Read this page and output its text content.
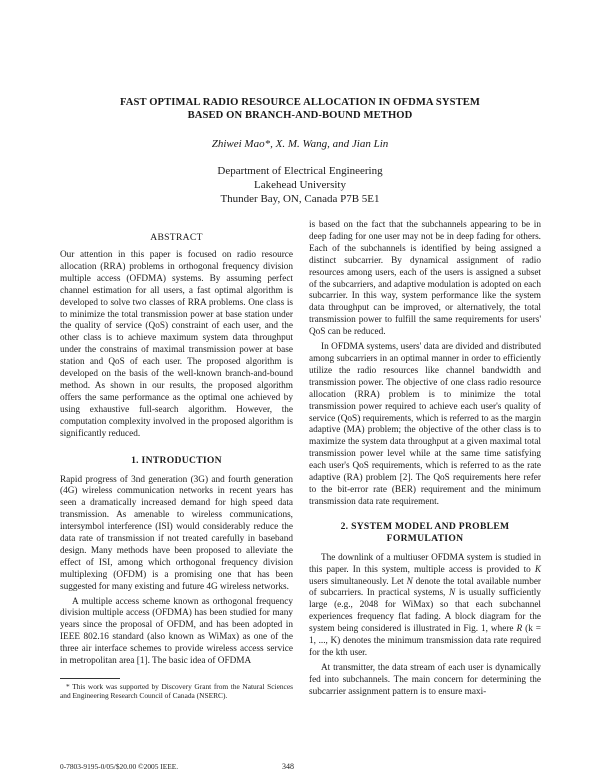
FAST OPTIMAL RADIO RESOURCE ALLOCATION IN OFDMA SYSTEM
BASED ON BRANCH-AND-BOUND METHOD
Zhiwei Mao*, X. M. Wang, and Jian Lin
Department of Electrical Engineering
Lakehead University
Thunder Bay, ON, Canada P7B 5E1
ABSTRACT

Our attention in this paper is focused on radio resource allocation (RRA) problems in orthogonal frequency division multiple access (OFDMA) systems. By assuming perfect channel estimation for all users, a fast optimal algorithm is developed to solve two classes of RRA problems. One class is to minimize the total transmission power at base station under the quality of service (QoS) constraint of each user, and the other class is to achieve maximum system data throughput under the constrains of maximal transmission power at base station and QoS of each user. The proposed algorithm is developed on the basis of the well-known branch-and-bound method. As shown in our results, the proposed algorithm offers the same performance as the optimal one achieved by using exhaustive full-search algorithm. However, the computation complexity involved in the proposed algorithm is significantly reduced.

1. INTRODUCTION

Rapid progress of 3nd generation (3G) and fourth generation (4G) wireless communication networks in recent years has seen a dramatically increased demand for high speed data transmission. As amenable to wireless communications, intersymbol interference (ISI) would considerably reduce the data rate of transmission if not treated carefully in baseband design. Many methods have been proposed to alleviate the effect of ISI, among which orthogonal frequency division multiplexing (OFDM) is a promising one that has been suggested for many existing and future 4G wireless networks.

A multiple access scheme known as orthogonal frequency division multiple access (OFDMA) has been studied for many years since the proposal of OFDM, and has been adopted in IEEE 802.16 standard (also known as WiMax) as one of the three air interface schemes to provide wireless access service in metropolitan area [1]. The basic idea of OFDMA

* This work was supported by Discovery Grant from the Natural Sciences and Engineering Research Council of Canada (NSERC).

is based on the fact that the subchannels appearing to be in deep fading for one user may not be in deep fading for others. Each of the subchannels is identified by being assigned a distinct subcarrier. By dynamical assignment of radio resources among users, each of the users is assigned a subset of the subcarriers, and adaptive modulation is adopted on each subcarrier. In this way, system performance like the system data throughput can be improved, or alternatively, the total transmission power to fulfill the same requirements for users' QoS can be reduced.

In OFDMA systems, users' data are divided and distributed among subcarriers in an optimal manner in order to efficiently utilize the radio resources like channel bandwidth and transmission power. The objective of one class radio resource allocation (RRA) problem is to minimize the total transmission power required to achieve each user's quality of service (QoS) requirements, which is referred to as the margin adaptive (MA) problem; the objective of the other class is to maximize the system data throughput at a given maximal total transmission power level while at the same time satisfying each user's QoS requirements, which is referred to as the rate adaptive (RA) problem [2]. The QoS requirements here refer to the bit-error rate (BER) requirement and the minimum transmission data rate requirement.

2. SYSTEM MODEL AND PROBLEM
FORMULATION

The downlink of a multiuser OFDMA system is studied in this paper. In this system, multiple access is provided to K users simultaneously. Let N denote the total available number of subcarriers. In practical systems, N is usually sufficiently large (e.g., 2048 for WiMax) so that each subchannel experiences frequency flat fading. A block diagram for the system being considered is illustrated in Fig. 1, where R (k = 1, ..., K) denotes the minimum transmission data rate required for the kth user.

At transmitter, the data stream of each user is dynamically fed into subchannels. The main concern for determining the subcarrier assignment pattern is to ensure maxi-

0-7803-9195-0/05/$20.00 ©2005 IEEE.	348
